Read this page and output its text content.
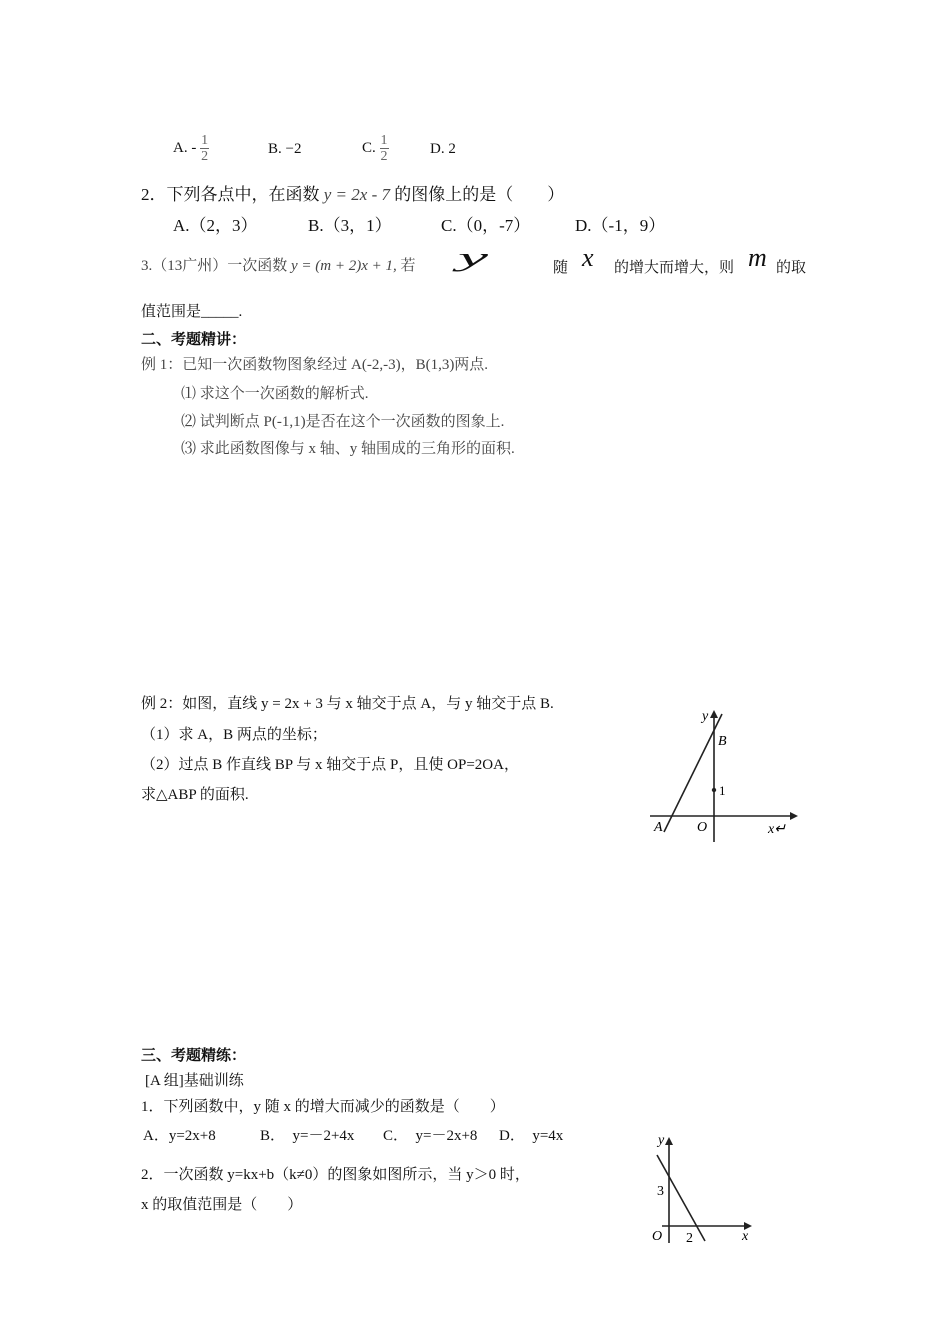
A. - $\frac{1}{2}$	B. −2	C. $\frac{1}{2}$	D. 2
2．下列各点中，在函数 y = 2x - 7 的图像上的是（　　）
A.（2，3）	B.（3，1）	C.（0，-7）	D.（-1，9）
3.（13广州）一次函数 y = (m + 2)x + 1, 若 y	随 x 的增大而增大，则 m 的取
值范围是_____.
二、考题精讲：
例 1：已知一次函数物图象经过 A(-2,-3)，B(1,3)两点.
⑴ 求这个一次函数的解析式.
⑵ 试判断点 P(-1,1)是否在这个一次函数的图象上.
⑶ 求此函数图像与 x 轴、y 轴围成的三角形的面积.
例 2：如图，直线 y = 2x + 3 与 x 轴交于点 A，与 y 轴交于点 B.
（1）求 A，B 两点的坐标；
（2）过点 B 作直线 BP 与 x 轴交于点 P，且使 OP=2OA，
求△ABP 的面积.
y
B
1
A O	x↵
三、考题精练：
[A 组]基础训练
1．下列函数中，y 随 x 的增大而减少的函数是（　　）
A．y=2x+8	B．　y=－2+4x C．　y=－2x+8 D．　y=4x
2．一次函数 y=kx+b（k≠0）的图象如图所示，当 y＞0 时，
x 的取值范围是（　　）
y
3
O 2	x
